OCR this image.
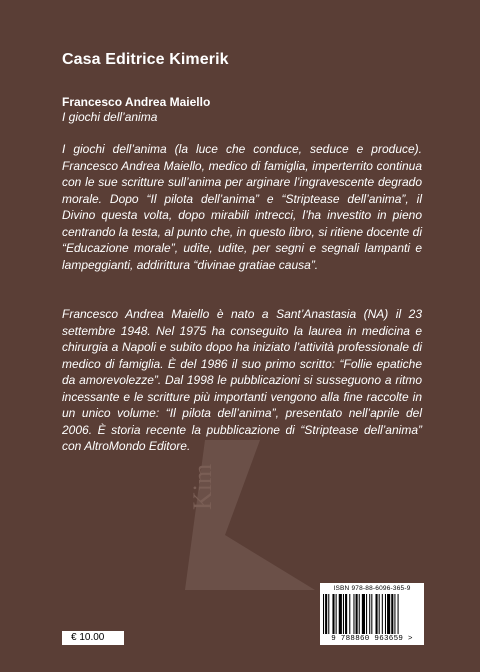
Kim
Casa Editrice Kimerik
Francesco Andrea Maiello
I giochi dell’anima

I giochi dell’anima (la luce che conduce, seduce e produce). Francesco Andrea Maiello, medico di famiglia, imperterrito continua con le sue scritture sull’anima per arginare l’ingravescente degrado morale. Dopo “Il pilota dell’anima” e “Striptease dell’anima”, il Divino questa volta, dopo mirabili intrecci, l’ha investito in pieno centrando la testa, al punto che, in questo libro, si ritiene docente di “Educazione morale”, udite, udite, per segni e segnali lampanti e lampeggianti, addirittura “divinae gratiae causa”.

Francesco Andrea Maiello è nato a Sant’Anastasia (NA) il 23 settembre 1948. Nel 1975 ha conseguito la laurea in medicina e chirurgia a Napoli e subito dopo ha iniziato l’attività professionale di medico di famiglia. È del 1986 il suo primo scritto: “Follie epatiche da amorevolezze”. Dal 1998 le pubblicazioni si susseguono a ritmo incessante e le scritture più importanti vengono alla fine raccolte in un unico volume: “Il pilota dell’anima”, presentato nell’aprile del 2006. È storia recente la pubblicazione di “Striptease dell’anima” con AltroMondo Editore.

ISBN 978-88-6096-365-9
9 788860 963659 >
€ 10.00
